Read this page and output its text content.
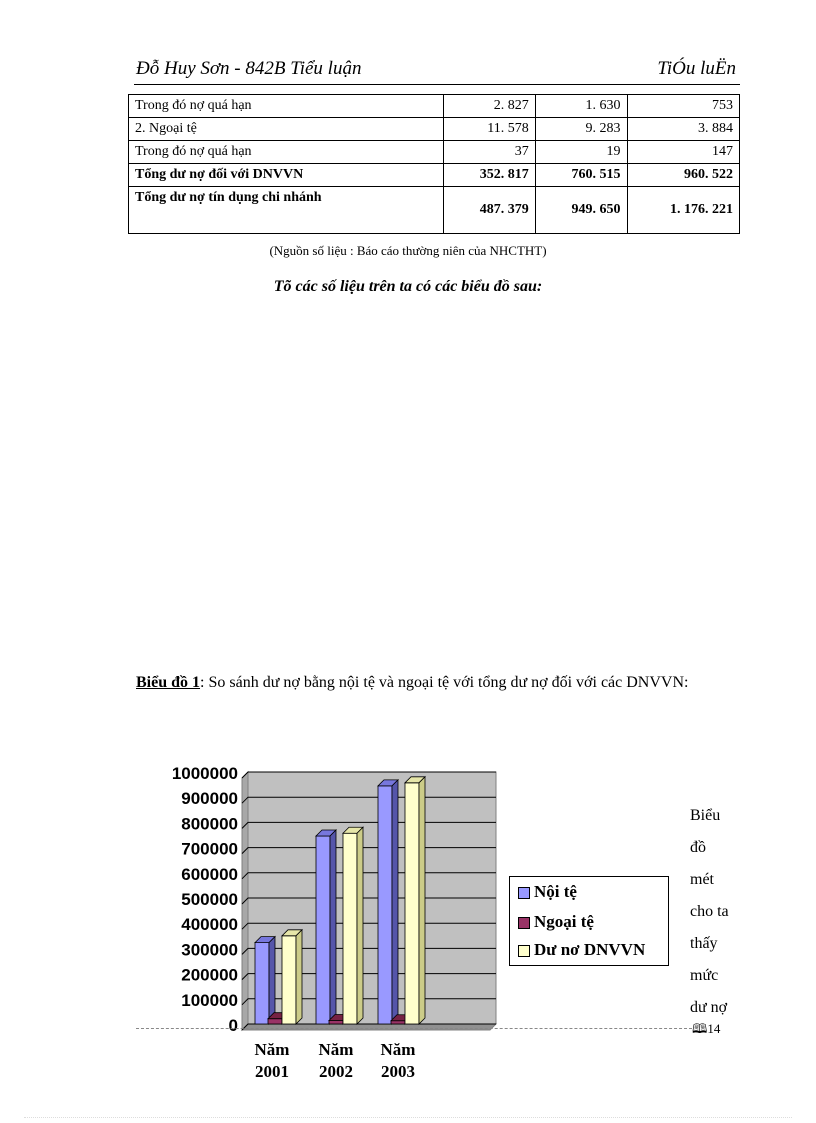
Đỗ Huy Sơn - 842B Tiểu luận	TiÓu luËn
Trong đó nợ quá hạn	2. 827	1. 630	753
2. Ngoại tệ	11. 578	9. 283	3. 884
Trong đó nợ quá hạn	37	19	147
Tổng dư nợ đối với DNVVN	352. 817	760. 515	960. 522
Tổng dư nợ tín dụng chi nhánh	487. 379	949. 650	1. 176. 221
(Nguồn số liệu : Báo cáo thường niên của NHCTHT)
Tõ các số liệu trên ta có các biểu đồ sau:
Biểu đồ 1: So sánh dư nợ bằng nội tệ và ngoại tệ với tổng dư nợ đối với các DNVVN:
1000000
900000
800000
700000
600000
500000
400000
300000
200000
100000
0
Năm
2001
Năm
2002
Năm
2003
Nội tệ
Ngoại tệ
Dư nơ DNVVN
Biểu
đồ
mét
cho ta
thấy
mức
dư nợ
🕮14
